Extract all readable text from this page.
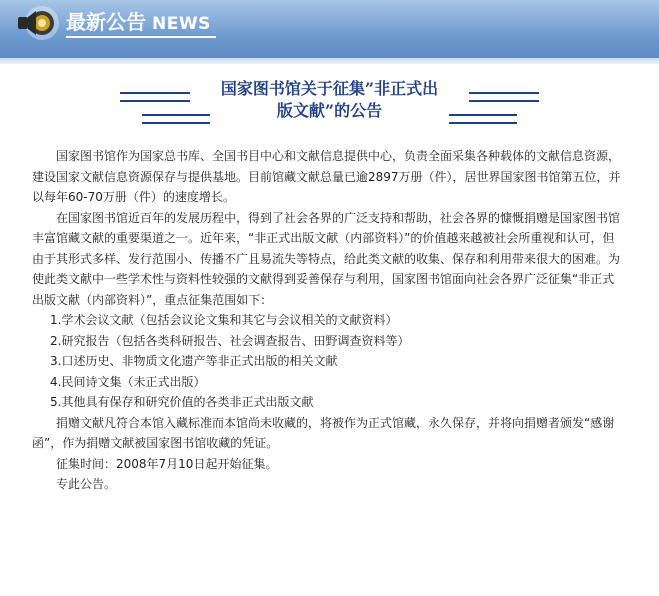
最新公告 NEWS
国家图书馆关于征集”非正式出
版文献”的公告

国家图书馆作为国家总书库、全国书目中心和文献信息提供中心，负责全面采集各种载体的文献信息资源，建设国家文献信息资源保存与提供基地。目前馆藏文献总量已逾2897万册（件），居世界国家图书馆第五位，并以每年60-70万册（件）的速度增长。

在国家图书馆近百年的发展历程中，得到了社会各界的广泛支持和帮助，社会各界的慷慨捐赠是国家图书馆丰富馆藏文献的重要渠道之一。近年来，“非正式出版文献（内部资料）”的价值越来越被社会所重视和认可，但由于其形式多样、发行范围小、传播不广且易流失等特点，给此类文献的收集、保存和利用带来很大的困难。为使此类文献中一些学术性与资料性较强的文献得到妥善保存与利用，国家图书馆面向社会各界广泛征集“非正式出版文献（内部资料）”，重点征集范围如下：

1.学术会议文献（包括会议论文集和其它与会议相关的文献资料）

2.研究报告（包括各类科研报告、社会调查报告、田野调查资料等）

3.口述历史、非物质文化遗产等非正式出版的相关文献

4.民间诗文集（未正式出版）

5.其他具有保存和研究价值的各类非正式出版文献

捐赠文献凡符合本馆入藏标准而本馆尚未收藏的，将被作为正式馆藏，永久保存，并将向捐赠者颁发“感谢函”，作为捐赠文献被国家图书馆收藏的凭证。

征集时间：2008年7月10日起开始征集。

专此公告。
